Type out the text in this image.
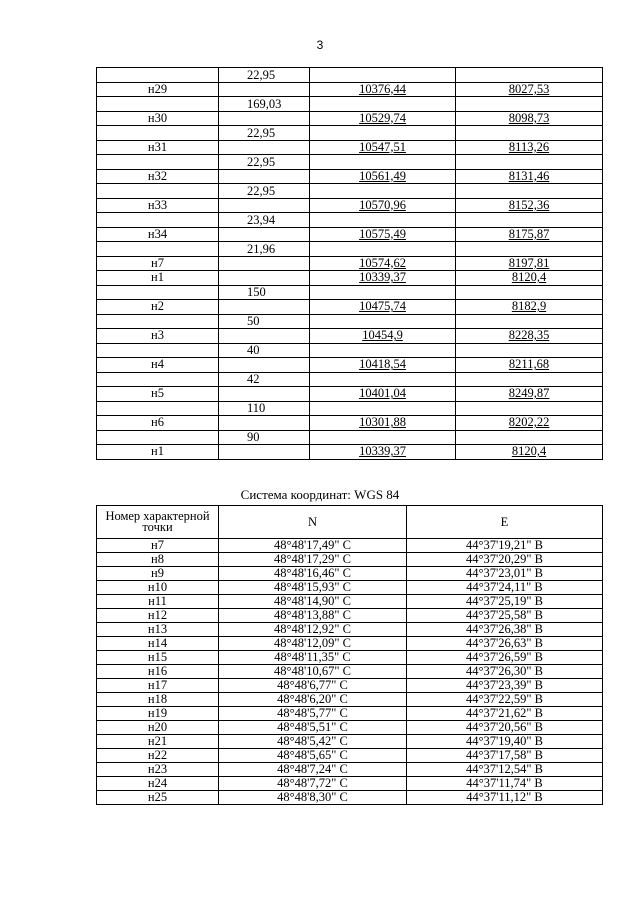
3
	22,95		
н29		10376,44	8027,53

	169,03		
н30		10529,74	8098,73

	22,95		
н31		10547,51	8113,26

	22,95		
н32		10561,49	8131,46

	22,95		
н33		10570,96	8152,36

	23,94		
н34		10575,49	8175,87

	21,96		
н7		10574,62	8197,81

н1		10339,37	8120,4

	150		
н2		10475,74	8182,9

	50		
н3		10454,9	8228,35

	40		
н4		10418,54	8211,68

	42		
н5		10401,04	8249,87

	110		
н6		10301,88	8202,22

	90		
н1		10339,37	8120,4
Система координат: WGS 84
Номер характерной точки	N	E
н7	48°48'17,49" С	44°37'19,21" В
н8	48°48'17,29" С	44°37'20,29" В
н9	48°48'16,46" С	44°37'23,01" В
н10	48°48'15,93" С	44°37'24,11" В
н11	48°48'14,90" С	44°37'25,19" В
н12	48°48'13,88" С	44°37'25,58" В
н13	48°48'12,92" С	44°37'26,38" В
н14	48°48'12,09" С	44°37'26,63" В
н15	48°48'11,35" С	44°37'26,59" В
н16	48°48'10,67" С	44°37'26,30" В
н17	48°48'6,77" С	44°37'23,39" В
н18	48°48'6,20" С	44°37'22,59" В
н19	48°48'5,77" С	44°37'21,62" В
н20	48°48'5,51" С	44°37'20,56" В
н21	48°48'5,42" С	44°37'19,40" В
н22	48°48'5,65" С	44°37'17,58" В
н23	48°48'7,24" С	44°37'12,54" В
н24	48°48'7,72" С	44°37'11,74" В
н25	48°48'8,30" С	44°37'11,12" В
